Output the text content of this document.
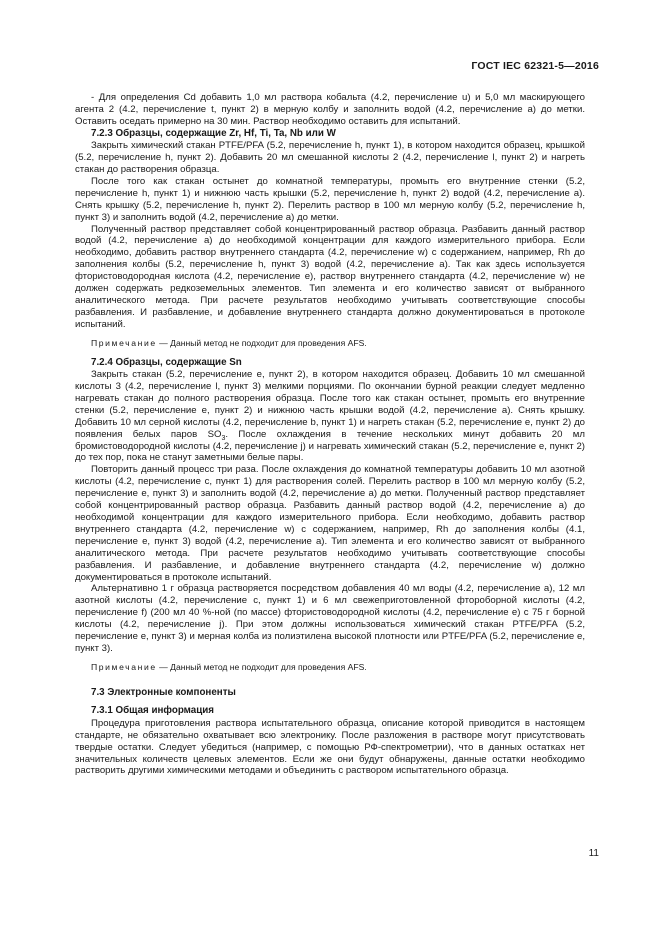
ГОСТ IEC 62321-5—2016

- Для определения Cd добавить 1,0 мл раствора кобальта (4.2, перечисление u) и 5,0 мл маскирующего агента 2 (4.2, перечисление t, пункт 2) в мерную колбу и заполнить водой (4.2, перечисление a) до метки. Оставить оседать примерно на 30 мин. Раствор необходимо оставить для испытаний.

7.2.3 Образцы, содержащие Zr, Hf, Ti, Ta, Nb или W

Закрыть химический стакан PTFE/PFA (5.2, перечисление h, пункт 1), в котором находится образец, крышкой (5.2, перечисление h, пункт 2). Добавить 20 мл смешанной кислоты 2 (4.2, перечисление l, пункт 2) и нагреть стакан до растворения образца.

После того как стакан остынет до комнатной температуры, промыть его внутренние стенки (5.2, перечисление h, пункт 1) и нижнюю часть крышки (5.2, перечисление h, пункт 2) водой (4.2, перечисление a). Снять крышку (5.2, перечисление h, пункт 2). Перелить раствор в 100 мл мерную колбу (5.2, перечисление h, пункт 3) и заполнить водой (4.2, перечисление a) до метки.

Полученный раствор представляет собой концентрированный раствор образца. Разбавить данный раствор водой (4.2, перечисление a) до необходимой концентрации для каждого измерительного прибора. Если необходимо, добавить раствор внутреннего стандарта (4.2, перечисление w) с содержанием, например, Rh до заполнения колбы (5.2, перечисление h, пункт 3) водой (4.2, перечисление a). Так как здесь используется фтористоводородная кислота (4.2, перечисление e), раствор внутреннего стандарта (4.2, перечисление w) не должен содержать редкоземельных элементов. Тип элемента и его количество зависят от выбранного аналитического метода. При расчете результатов необходимо учитывать соответствующие способы разбавления. И разбавление, и добавление внутреннего стандарта должно документироваться в протоколе испытаний.

Примечание — Данный метод не подходит для проведения AFS.

7.2.4 Образцы, содержащие Sn

Закрыть стакан (5.2, перечисление e, пункт 2), в котором находится образец. Добавить 10 мл смешанной кислоты 3 (4.2, перечисление l, пункт 3) мелкими порциями. По окончании бурной реакции следует медленно нагревать стакан до полного растворения образца. После того как стакан остынет, промыть его внутренние стенки (5.2, перечисление e, пункт 2) и нижнюю часть крышки водой (4.2, перечисление a). Снять крышку. Добавить 10 мл серной кислоты (4.2, перечисление b, пункт 1) и нагреть стакан (5.2, перечисление e, пункт 2) до появления белых паров $SO_3$. После охлаждения в течение нескольких минут добавить 20 мл бромистоводородной кислоты (4.2, перечисление j) и нагревать химический стакан (5.2, перечисление e, пункт 2) до тех пор, пока не станут заметными белые пары.

Повторить данный процесс три раза. После охлаждения до комнатной температуры добавить 10 мл азотной кислоты (4.2, перечисление c, пункт 1) для растворения солей. Перелить раствор в 100 мл мерную колбу (5.2, перечисление e, пункт 3) и заполнить водой (4.2, перечисление a) до метки. Полученный раствор представляет собой концентрированный раствор образца. Разбавить данный раствор водой (4.2, перечисление a) до необходимой концентрации для каждого измерительного прибора. Если необходимо, добавить раствор внутреннего стандарта (4.2, перечисление w) с содержанием, например, Rh до заполнения колбы (4.1, перечисление e, пункт 3) водой (4.2, перечисление a). Тип элемента и его количество зависят от выбранного аналитического метода. При расчете результатов необходимо учитывать соответствующие способы разбавления. И разбавление, и добавление внутреннего стандарта (4.2, перечисление w) должно документироваться в протоколе испытаний.

Альтернативно 1 г образца растворяется посредством добавления 40 мл воды (4.2, перечисление a), 12 мл азотной кислоты (4.2, перечисление c, пункт 1) и 6 мл свежеприготовленной фтороборной кислоты (4.2, перечисление f) (200 мл 40 %-ной (по массе) фтористоводородной кислоты (4.2, перечисление e) с 75 г борной кислоты (4.2, перечисление j). При этом должны использоваться химический стакан PTFE/PFA (5.2, перечисление e, пункт 3) и мерная колба из полиэтилена высокой плотности или PTFE/PFA (5.2, перечисление e, пункт 3).

Примечание — Данный метод не подходит для проведения AFS.

7.3 Электронные компоненты
7.3.1 Общая информация

Процедура приготовления раствора испытательного образца, описание которой приводится в настоящем стандарте, не обязательно охватывает всю электронику. После разложения в растворе могут присутствовать твердые остатки. Следует убедиться (например, с помощью РФ-спектрометрии), что в данных остатках нет значительных количеств целевых элементов. Если же они будут обнаружены, данные остатки необходимо растворить другими химическими методами и объединить с раствором испытательного образца.

11
